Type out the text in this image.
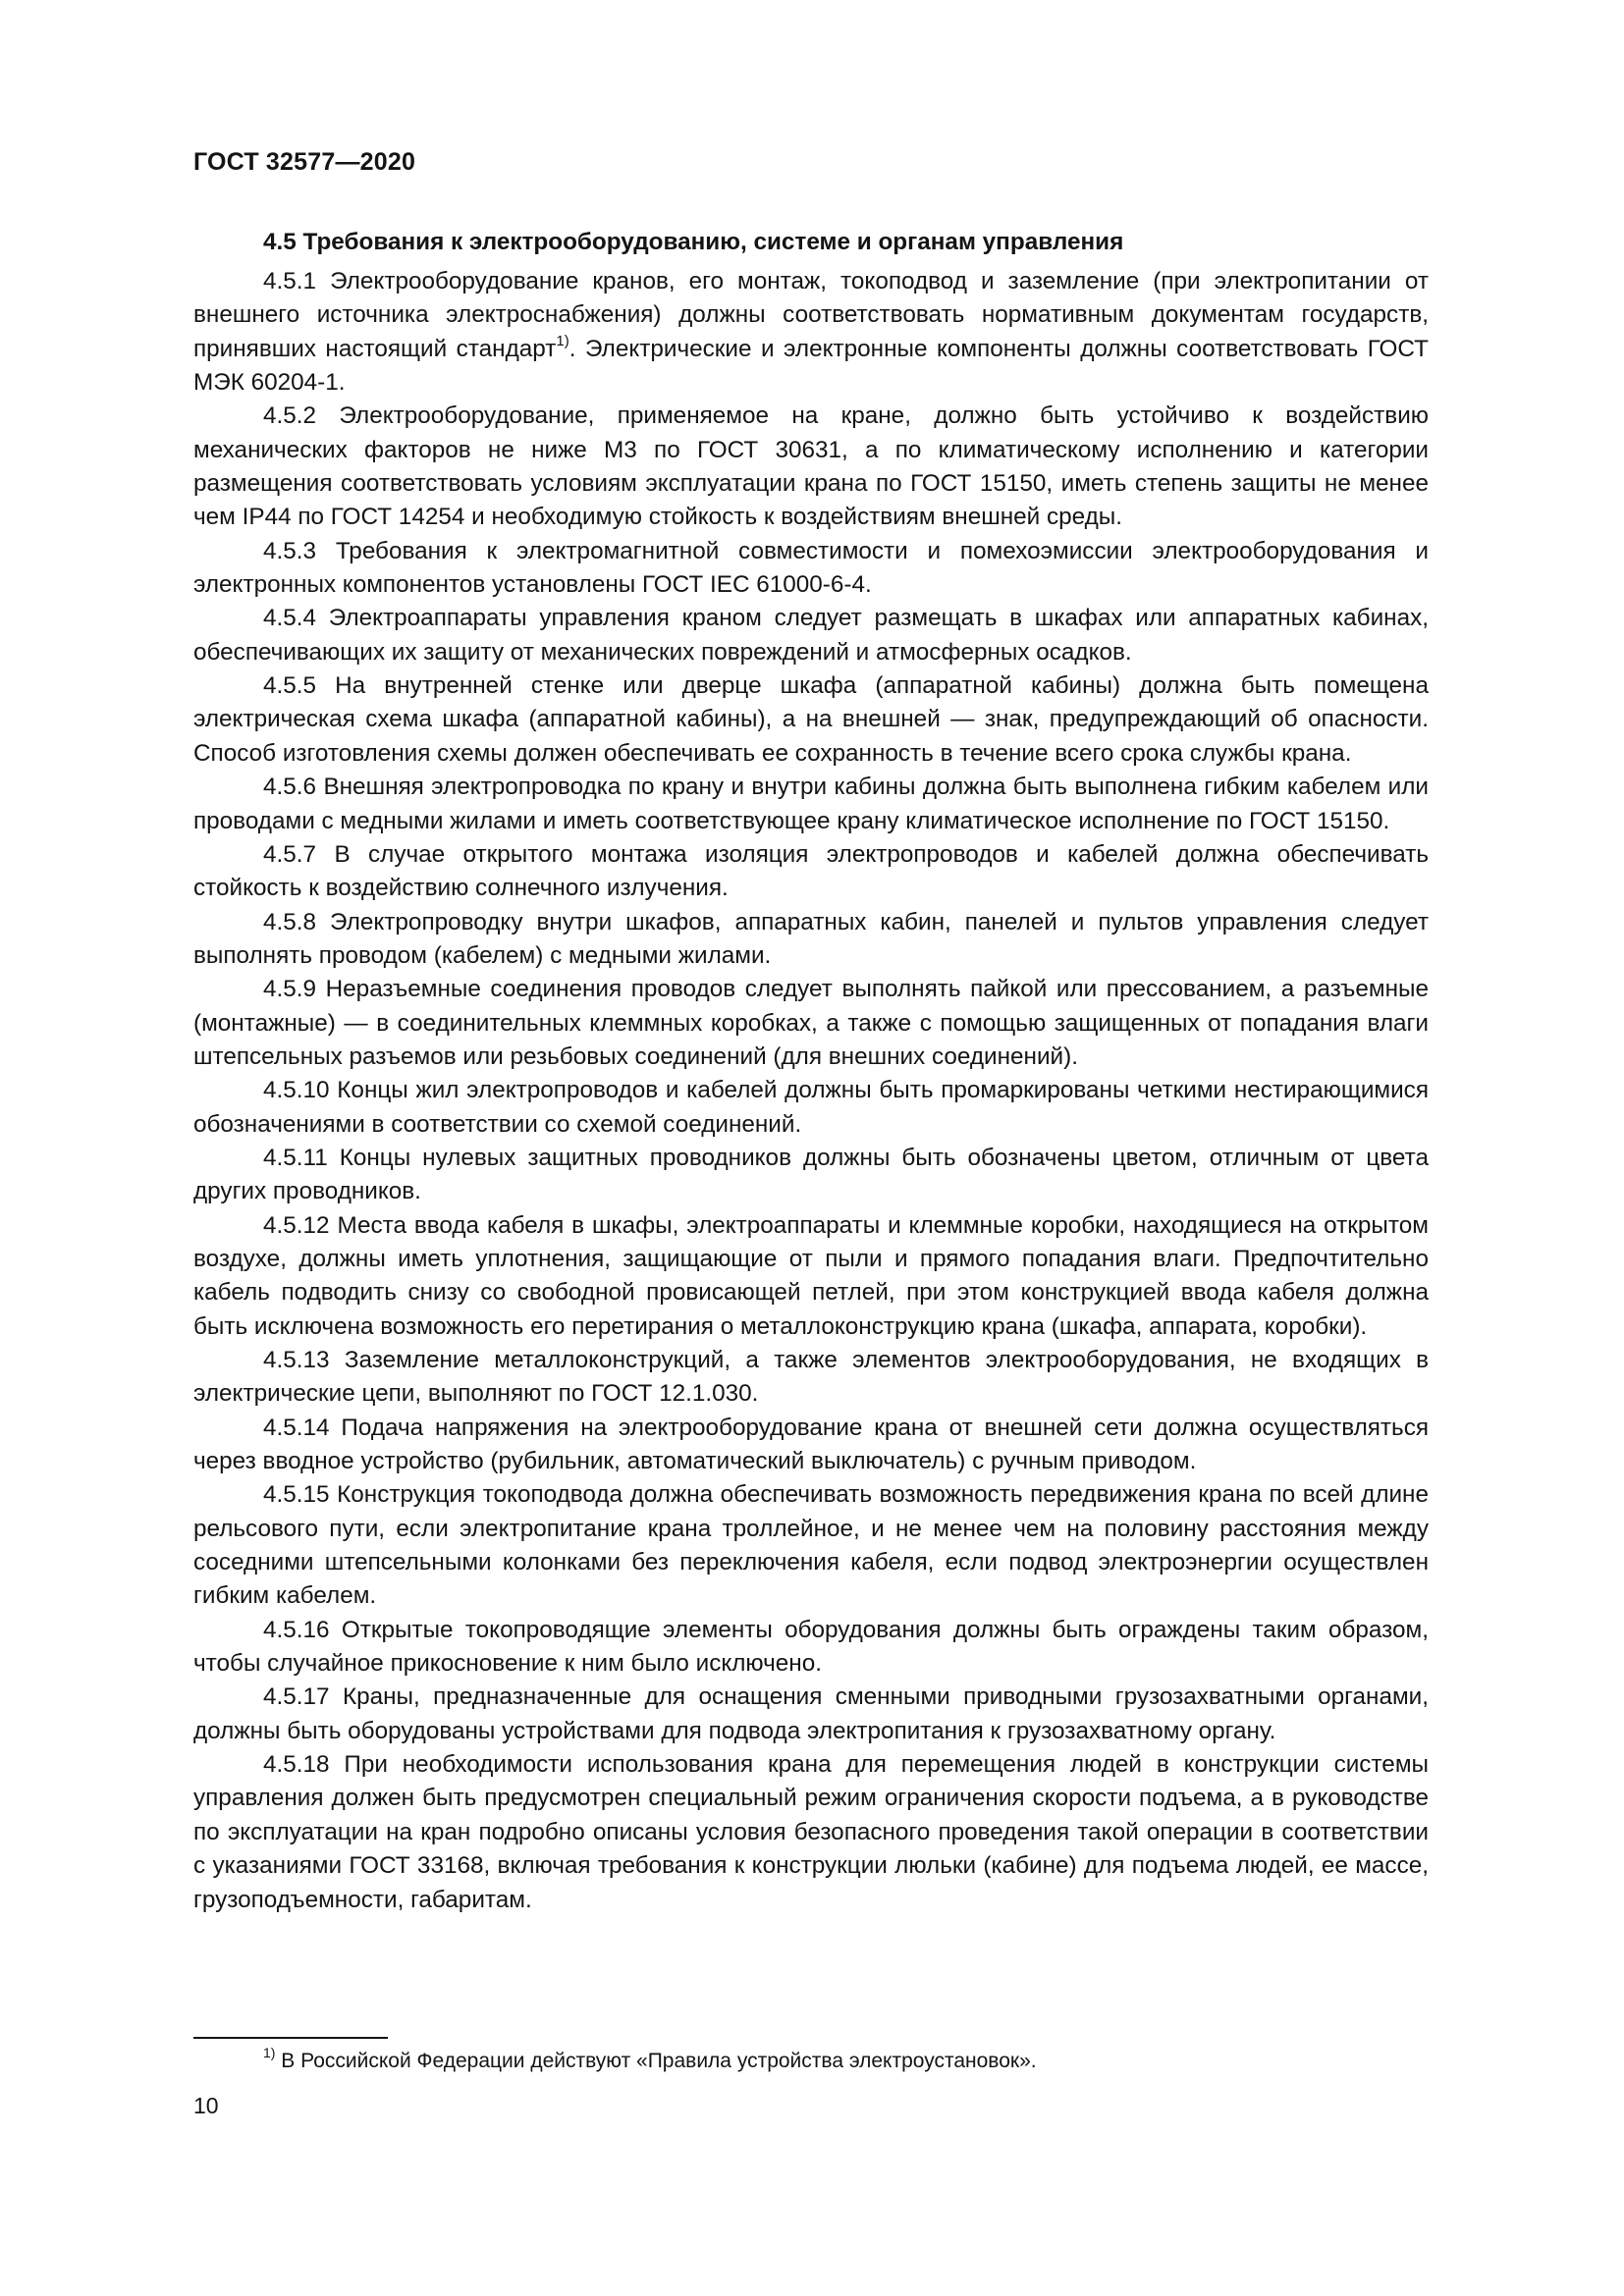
ГОСТ 32577—2020
4.5 Требования к электрооборудованию, системе и органам управления

4.5.1 Электрооборудование кранов, его монтаж, токоподвод и заземление (при электропитании от внешнего источника электроснабжения) должны соответствовать нормативным документам государств, принявших настоящий стандарт$^{1)}$. Электрические и электронные компоненты должны соответствовать ГОСТ МЭК 60204-1.

4.5.2 Электрооборудование, применяемое на кране, должно быть устойчиво к воздействию механических факторов не ниже М3 по ГОСТ 30631, а по климатическому исполнению и категории размещения соответствовать условиям эксплуатации крана по ГОСТ 15150, иметь степень защиты не менее чем IP44 по ГОСТ 14254 и необходимую стойкость к воздействиям внешней среды.

4.5.3 Требования к электромагнитной совместимости и помехоэмиссии электрооборудования и электронных компонентов установлены ГОСТ IEC 61000-6-4.

4.5.4 Электроаппараты управления краном следует размещать в шкафах или аппаратных кабинах, обеспечивающих их защиту от механических повреждений и атмосферных осадков.

4.5.5 На внутренней стенке или дверце шкафа (аппаратной кабины) должна быть помещена электрическая схема шкафа (аппаратной кабины), а на внешней — знак, предупреждающий об опасности. Способ изготовления схемы должен обеспечивать ее сохранность в течение всего срока службы крана.

4.5.6 Внешняя электропроводка по крану и внутри кабины должна быть выполнена гибким кабелем или проводами с медными жилами и иметь соответствующее крану климатическое исполнение по ГОСТ 15150.

4.5.7 В случае открытого монтажа изоляция электропроводов и кабелей должна обеспечивать стойкость к воздействию солнечного излучения.

4.5.8 Электропроводку внутри шкафов, аппаратных кабин, панелей и пультов управления следует выполнять проводом (кабелем) с медными жилами.

4.5.9 Неразъемные соединения проводов следует выполнять пайкой или прессованием, а разъемные (монтажные) — в соединительных клеммных коробках, а также с помощью защищенных от попадания влаги штепсельных разъемов или резьбовых соединений (для внешних соединений).

4.5.10 Концы жил электропроводов и кабелей должны быть промаркированы четкими нестирающимися обозначениями в соответствии со схемой соединений.

4.5.11 Концы нулевых защитных проводников должны быть обозначены цветом, отличным от цвета других проводников.

4.5.12 Места ввода кабеля в шкафы, электроаппараты и клеммные коробки, находящиеся на открытом воздухе, должны иметь уплотнения, защищающие от пыли и прямого попадания влаги. Предпочтительно кабель подводить снизу со свободной провисающей петлей, при этом конструкцией ввода кабеля должна быть исключена возможность его перетирания о металлоконструкцию крана (шкафа, аппарата, коробки).

4.5.13 Заземление металлоконструкций, а также элементов электрооборудования, не входящих в электрические цепи, выполняют по ГОСТ 12.1.030.

4.5.14 Подача напряжения на электрооборудование крана от внешней сети должна осуществляться через вводное устройство (рубильник, автоматический выключатель) с ручным приводом.

4.5.15 Конструкция токоподвода должна обеспечивать возможность передвижения крана по всей длине рельсового пути, если электропитание крана троллейное, и не менее чем на половину расстояния между соседними штепсельными колонками без переключения кабеля, если подвод электроэнергии осуществлен гибким кабелем.

4.5.16 Открытые токопроводящие элементы оборудования должны быть ограждены таким образом, чтобы случайное прикосновение к ним было исключено.

4.5.17 Краны, предназначенные для оснащения сменными приводными грузозахватными органами, должны быть оборудованы устройствами для подвода электропитания к грузозахватному органу.

4.5.18 При необходимости использования крана для перемещения людей в конструкции системы управления должен быть предусмотрен специальный режим ограничения скорости подъема, а в руководстве по эксплуатации на кран подробно описаны условия безопасного проведения такой операции в соответствии с указаниями ГОСТ 33168, включая требования к конструкции люльки (кабине) для подъема людей, ее массе, грузоподъемности, габаритам.

$^{1)}$ В Российской Федерации действуют «Правила устройства электроустановок».
10
